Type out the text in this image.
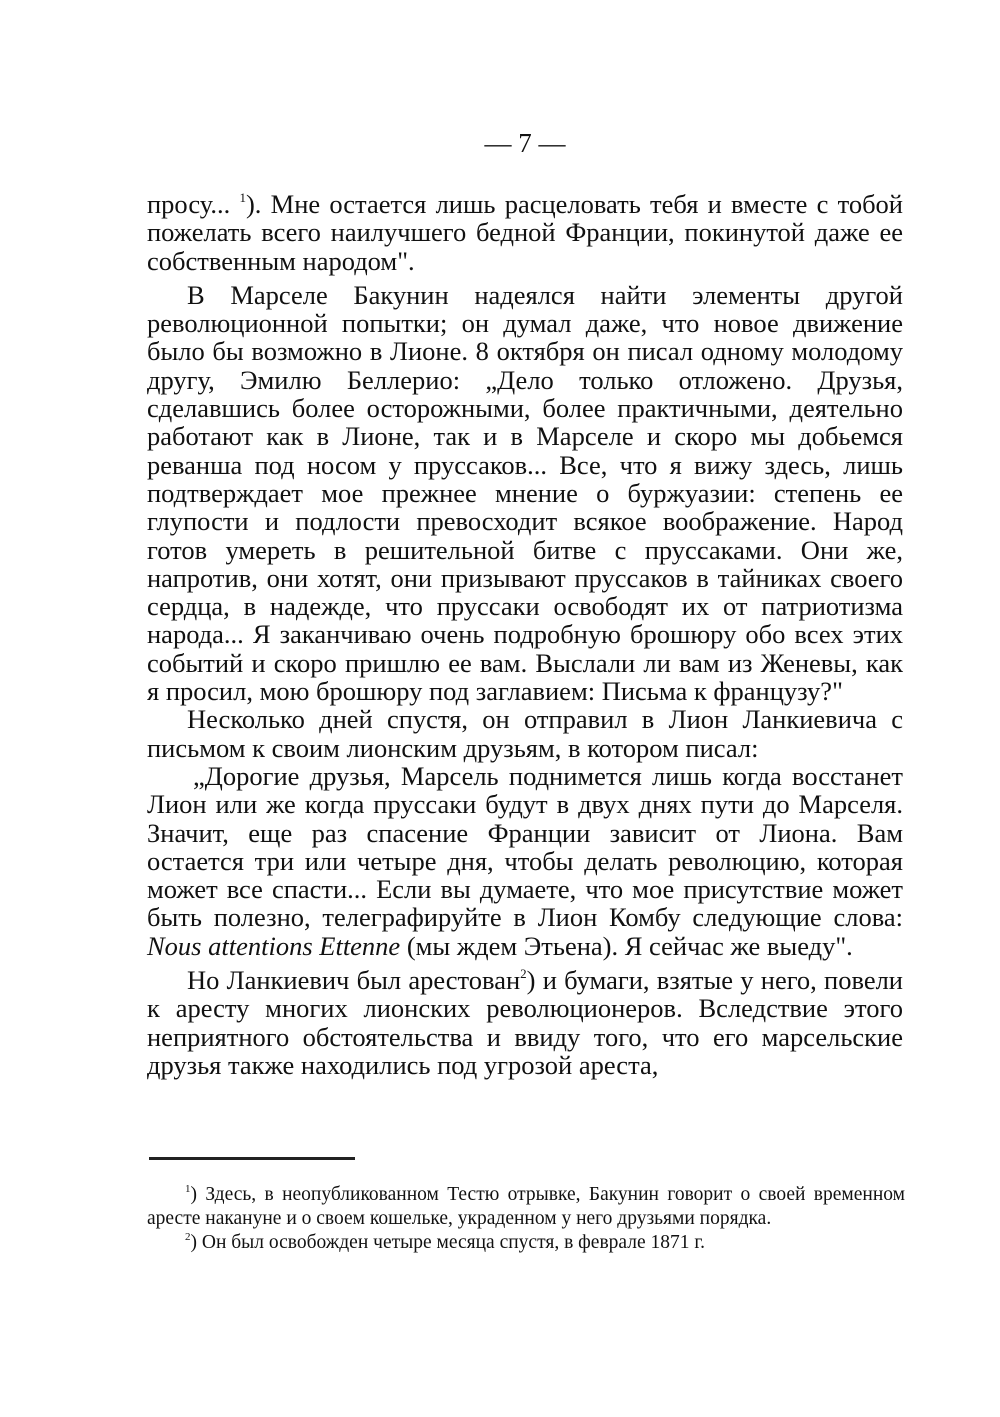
— 7 —

просу... $^1$). Мне остается лишь расцеловать тебя и вместе с тобой пожелать всего наилучшего бедной Франции, покинутой даже ее собственным народом".

В Марселе Бакунин надеялся найти элементы другой революционной попытки; он думал даже, что новое движение было бы возможно в Лионе. 8 октября он писал одному молодому другу, Эмилю Беллерио: „Дело только отложено. Друзья, сделавшись более осторожными, более практичными, деятельно работают как в Лионе, так и в Марселе и скоро мы добьемся реванша под носом у пруссаков... Все, что я вижу здесь, лишь подтверждает мое прежнее мнение о буржуазии: степень ее глупости и подлости превосходит всякое воображение. Народ готов умереть в решительной битве с пруссаками. Они же, напротив, они хотят, они призывают пруссаков в тайниках своего сердца, в надежде, что пруссаки освободят их от патриотизма народа... Я заканчиваю очень подробную брошюру обо всех этих событий и скоро пришлю ее вам. Выслали ли вам из Женевы, как я просил, мою брошюру под заглавием: Письма к французу?"

Несколько дней спустя, он отправил в Лион Ланкиевича с письмом к своим лионским друзьям, в котором писал:

„Дорогие друзья, Марсель поднимется лишь когда восстанет Лион или же когда пруссаки будут в двух днях пути до Марселя. Значит, еще раз спасение Франции зависит от Лиона. Вам остается три или четыре дня, чтобы делать революцию, которая может все спасти... Если вы думаете, что мое присутствие может быть полезно, телеграфируйте в Лион Комбу следующие слова: Nous attentions Ettenne (мы ждем Этьена). Я сейчас же выеду".

Но Ланкиевич был арестован$^2$) и бумаги, взятые у него, повели к аресту многих лионских революционеров. Вследствие этого неприятного обстоятельства и ввиду того, что его марсельские друзья также находились под угрозой ареста,

$^1$) Здесь, в неопубликованном Тестю отрывке, Бакунин говорит о своей временном аресте накануне и о своем кошельке, украденном у него друзьями порядка.

$^2$) Он был освобожден четыре месяца спустя, в феврале 1871 г.
